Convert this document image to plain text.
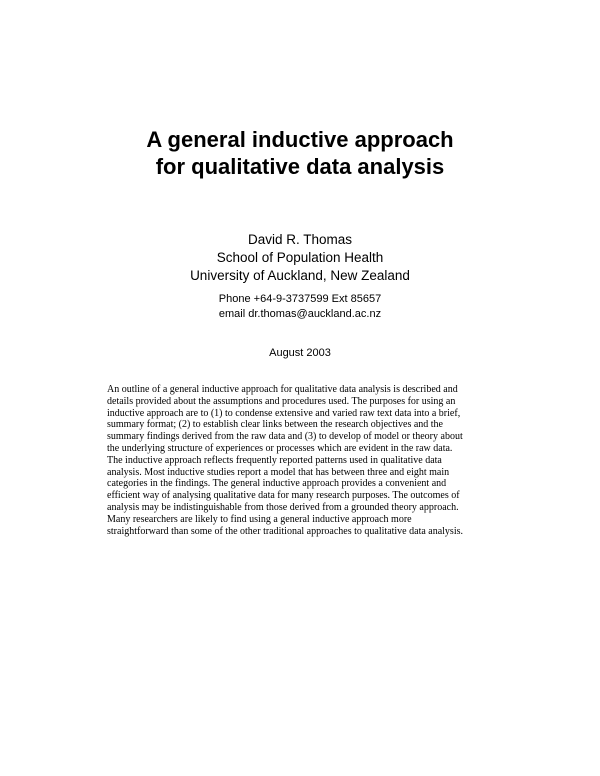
A general inductive approach
for qualitative data analysis
David R. Thomas
School of Population Health
University of Auckland, New Zealand
Phone +64-9-3737599 Ext 85657
email dr.thomas@auckland.ac.nz
August 2003
An outline of a general inductive approach for qualitative data analysis is described and
details provided about the assumptions and procedures used. The purposes for using an
inductive approach are to (1) to condense extensive and varied raw text data into a brief,
summary format; (2) to establish clear links between the research objectives and the
summary findings derived from the raw data and (3) to develop of model or theory about
the underlying structure of experiences or processes which are evident in the raw data.
The inductive approach reflects frequently reported patterns used in qualitative data
analysis. Most inductive studies report a model that has between three and eight main
categories in the findings. The general inductive approach provides a convenient and
efficient way of analysing qualitative data for many research purposes. The outcomes of
analysis may be indistinguishable from those derived from a grounded theory approach.
Many researchers are likely to find using a general inductive approach more
straightforward than some of the other traditional approaches to qualitative data analysis.
